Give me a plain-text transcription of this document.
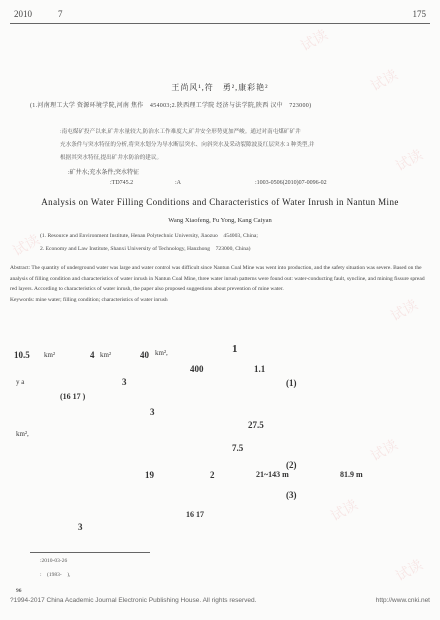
2010	7	175
王尚风¹,符　勇²,康彩艳²
(1.河南理工大学 资源环境学院,河南 焦作　454003;2.陕西理工学院 经济与法学院,陕西 汉中　723000)
:南屯煤矿投产以来,矿井水量较大,防治水工作难度大,矿井安全形势更加严峻。通过对南屯煤矿矿井
充水条件与突水特征的分析,将突水划分为导水断层突水、向斜突水及采动裂隙波及红层突水 3 种类型,并
根据其突水特征,提出矿井水防治的建议。
:矿井水;充水条件;突水特征
:TD745.2	:A	:1003-0506(2010)07-0096-02
Analysis on Water Filling Conditions and Characteristics of Water Inrush in Nantun Mine
Wang Xiaofeng, Fu Yong, Kang Caiyan
(1. Resource and Environment Institute, Henan Polytechnic University, Jiaozuo　454003, China;
2. Economy and Law Institute, Shanxi University of Technology, Hanzhong　723000, China)

Abstract: The quantity of underground water was large and water control was difficult since Nantun Coal Mine was went into production, and the safety situation was severe. Based on the analysis of filling condition and characteristics of water inrush in Nantun Coal Mine, three water inrush patterns were found out: water-conducting fault, syncline, and mining fissure spread red layers. According to characteristics of water inrush, the paper also proposed suggestions about prevention of mine water.

Keywords: mine water; filling condition; characteristics of water inrush

10.5 km²	4 km²	40 km²,	1
400	1.1
y a	3	(1)
(16 17 )
3
27.5
km²,
7.5
(2)
19	2	21~143 m	81.9 m
(3)
16 17
3
:2010-03-26
:　(1983-　),
96
?1994-2017 China Academic Journal Electronic Publishing House. All rights reserved.	http://www.cnki.net
试读
试读
试读
试读
试读
试读
试读
试读
